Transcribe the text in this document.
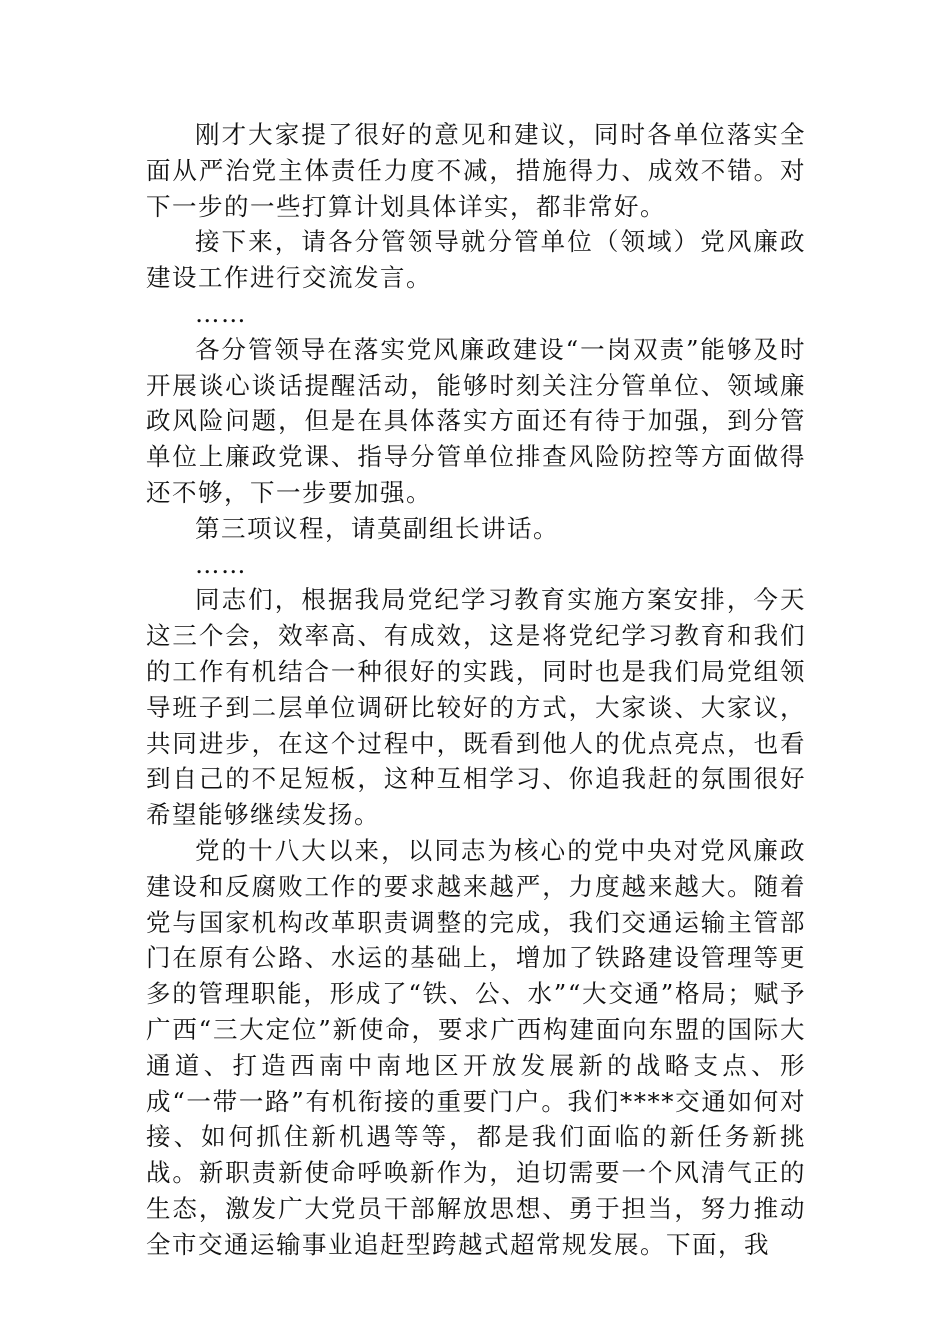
刚才大家提了很好的意见和建议，同时各单位落实全面从严治党主体责任力度不减，措施得力、成效不错。对下一步的一些打算计划具体详实，都非常好。

接下来，请各分管领导就分管单位（领域）党风廉政建设工作进行交流发言。

……

各分管领导在落实党风廉政建设“一岗双责”能够及时开展谈心谈话提醒活动，能够时刻关注分管单位、领域廉政风险问题，但是在具体落实方面还有待于加强，到分管单位上廉政党课、指导分管单位排查风险防控等方面做得还不够，下一步要加强。

第三项议程，请莫副组长讲话。

……

同志们，根据我局党纪学习教育实施方案安排，今天这三个会，效率高、有成效，这是将党纪学习教育和我们的工作有机结合一种很好的实践，同时也是我们局党组领导班子到二层单位调研比较好的方式，大家谈、大家议，共同进步，在这个过程中，既看到他人的优点亮点，也看到自己的不足短板，这种互相学习、你追我赶的氛围很好希望能够继续发扬。

党的十八大以来，以同志为核心的党中央对党风廉政建设和反腐败工作的要求越来越严，力度越来越大。随着党与国家机构改革职责调整的完成，我们交通运输主管部门在原有公路、水运的基础上，增加了铁路建设管理等更多的管理职能，形成了“铁、公、水”“大交通”格局；赋予广西“三大定位”新使命，要求广西构建面向东盟的国际大通道、打造西南中南地区开放发展新的战略支点、形成“一带一路”有机衔接的重要门户。我们****交通如何对接、如何抓住新机遇等等，都是我们面临的新任务新挑战。新职责新使命呼唤新作为，迫切需要一个风清气正的生态，激发广大党员干部解放思想、勇于担当，努力推动全市交通运输事业追赶型跨越式超常规发展。下面，我
